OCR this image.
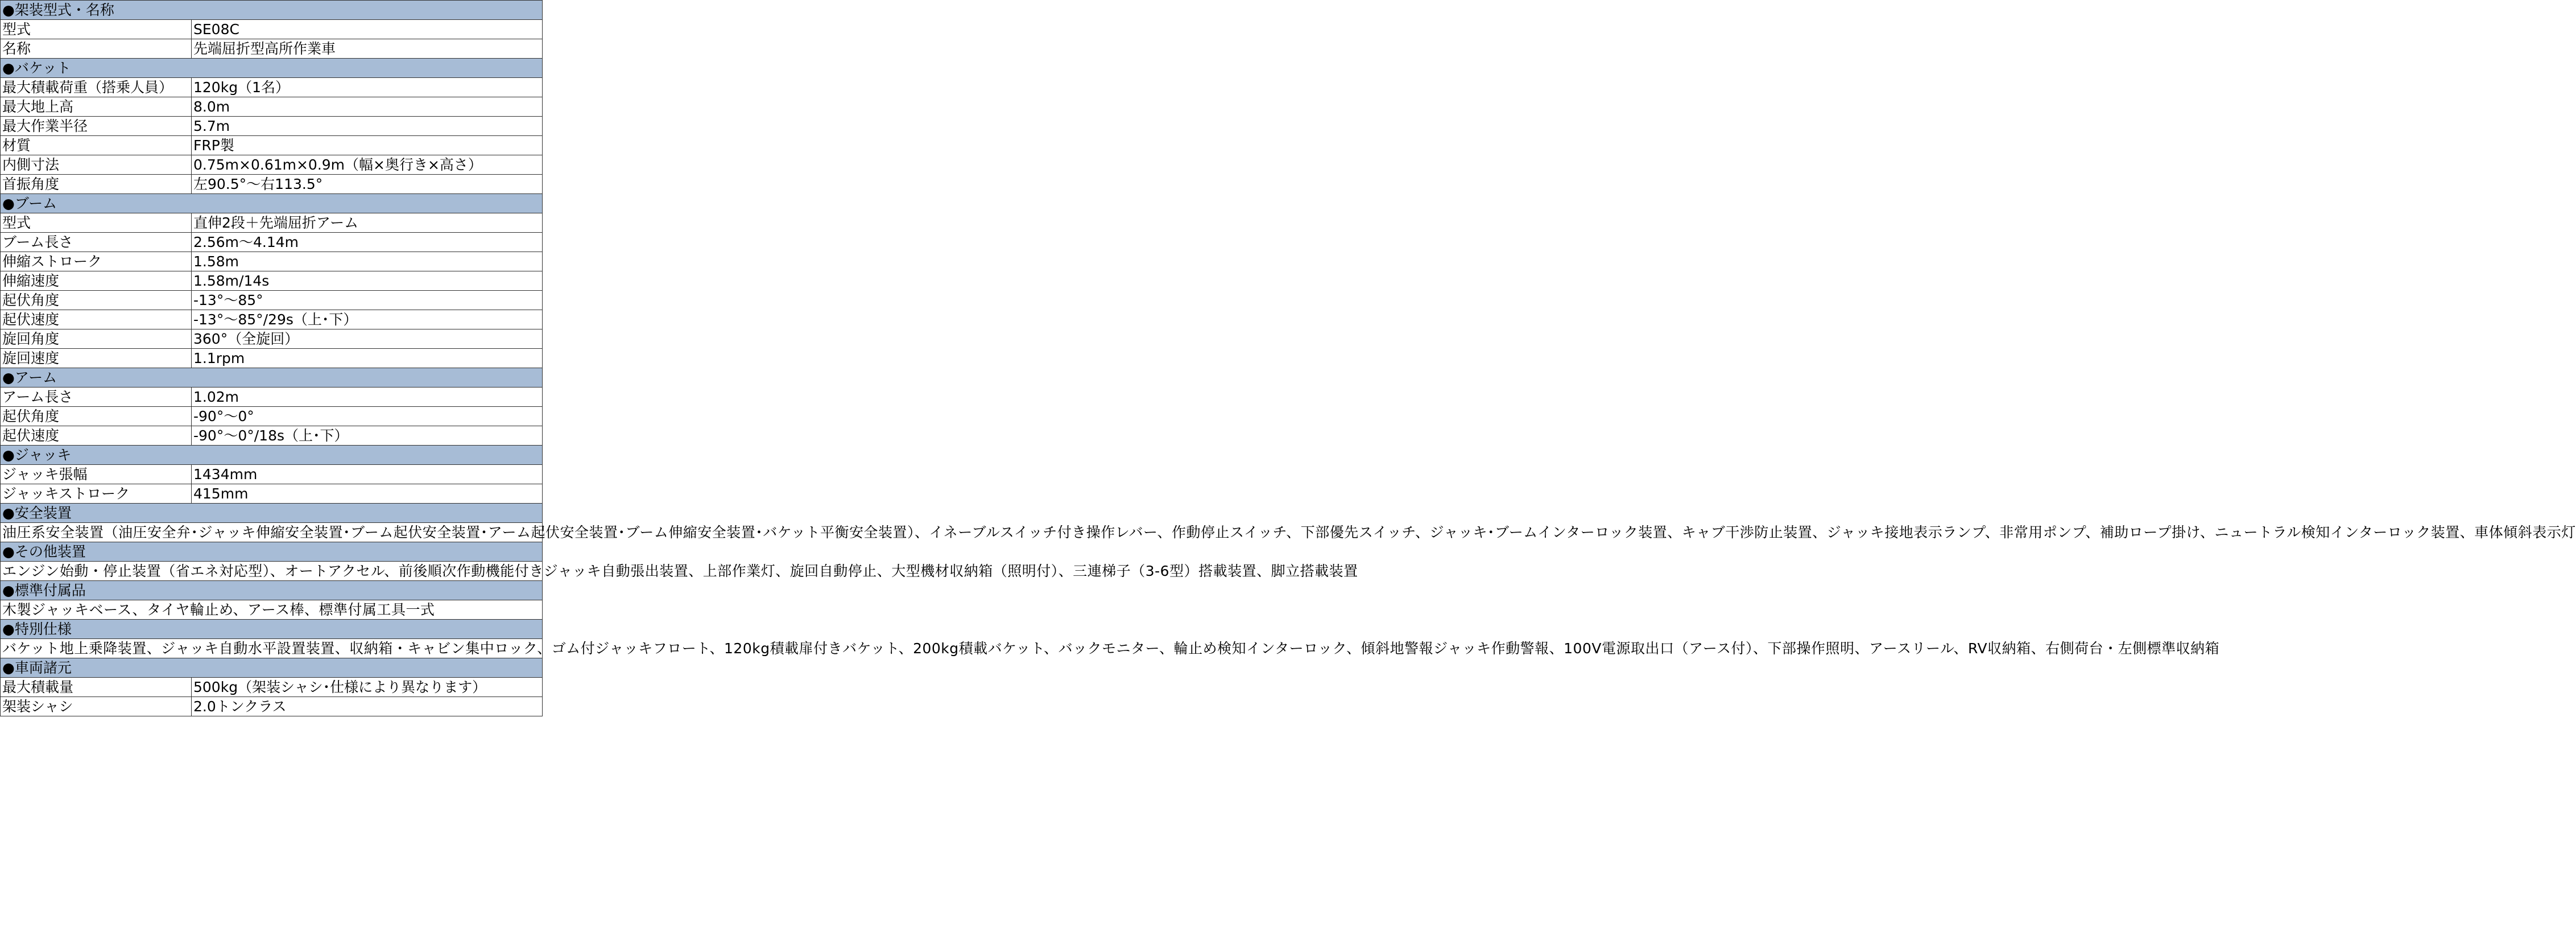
●架装型式・名称	
型式	SE08C
名称	先端屈折型高所作業車
●バケット	
最大積載荷重（搭乗人員）	120kg（1名）
最大地上高	8.0m
最大作業半径	5.7m
材質	FRP製
内側寸法	0.75m×0.61m×0.9m（幅×奥行き×高さ）
首振角度	左90.5°～右113.5°
●ブーム	
型式	直伸2段＋先端屈折アーム
ブーム長さ	2.56m～4.14m
伸縮ストローク	1.58m
伸縮速度	1.58m/14s
起伏角度	-13°～85°
起伏速度	-13°～85°/29s（上･下）
旋回角度	360°（全旋回）
旋回速度	1.1rpm
●アーム	
アーム長さ	1.02m
起伏角度	-90°～0°
起伏速度	-90°～0°/18s（上･下）
●ジャッキ	
ジャッキ張幅	1434mm
ジャッキストローク	415mm
●安全装置	
油圧系安全装置（油圧安全弁･ジャッキ伸縮安全装置･ブーム起伏安全装置･アーム起伏安全装置･ブーム伸縮安全装置･バケット平衡安全装置）、イネーブルスイッチ付き操作レバー、作動停止スイッチ、下部優先スイッチ、ジャッキ･ブームインターロック装置、キャブ干渉防止装置、ジャッキ接地表示ランプ、非常用ポンプ、補助ロープ掛け、ニュートラル検知インターロック装置、車体傾斜表示灯	
●その他装置	
エンジン始動・停止装置（省エネ対応型）、オートアクセル、前後順次作動機能付きジャッキ自動張出装置、上部作業灯、旋回自動停止、大型機材収納箱（照明付）、三連梯子（3-6型）搭載装置、脚立搭載装置	
●標準付属品	
木製ジャッキベース、タイヤ輪止め、アース棒、標準付属工具一式	
●特別仕様	
バケット地上乗降装置、ジャッキ自動水平設置装置、収納箱・キャビン集中ロック、ゴム付ジャッキフロート、120kg積載扉付きバケット、200kg積載バケット、バックモニター、輪止め検知インターロック、傾斜地警報ジャッキ作動警報、100V電源取出口（アース付）、下部操作照明、アースリール、RV収納箱、右側荷台・左側標準収納箱	
●車両諸元	
最大積載量	500kg（架装シャシ･仕様により異なります）
架装シャシ	2.0トンクラス
